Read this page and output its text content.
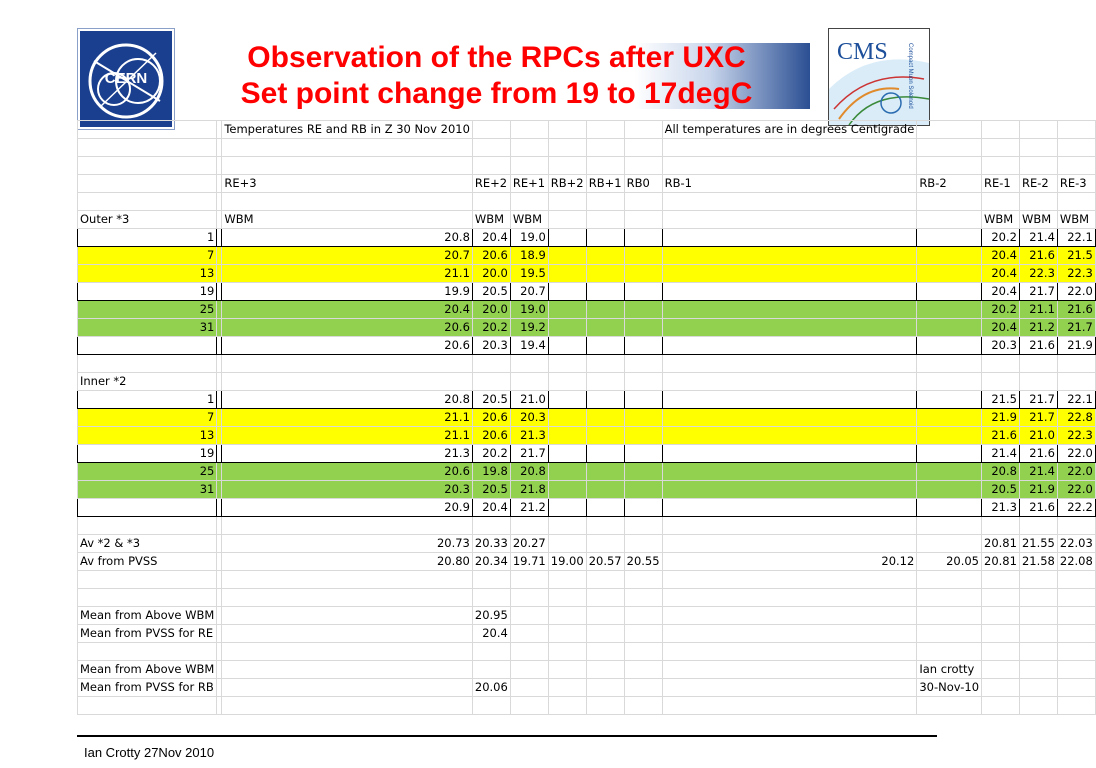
CERN
CMS	Compact Muon Solenoid
Observation of the RPCs after UXC
Set point change from 19 to 17degC
		Temperatures RE and RB in Z 30 Nov 2010						All temperatures are in degrees Centigrade				

		RE+3	RE+2	RE+1	RB+2	RB+1	RB0	RB-1	RB-2	RE-1	RE-2	RE-3

Outer *3		WBM	WBM	WBM						WBM	WBM	WBM
1		20.8	20.4	19.0						20.2	21.4	22.1
7		20.7	20.6	18.9						20.4	21.6	21.5
13		21.1	20.0	19.5						20.4	22.3	22.3
19		19.9	20.5	20.7						20.4	21.7	22.0
25		20.4	20.0	19.0						20.2	21.1	21.6
31		20.6	20.2	19.2						20.4	21.2	21.7
		20.6	20.3	19.4						20.3	21.6	21.9

Inner *2												
1		20.8	20.5	21.0						21.5	21.7	22.1
7		21.1	20.6	20.3						21.9	21.7	22.8
13		21.1	20.6	21.3						21.6	21.0	22.3
19		21.3	20.2	21.7						21.4	21.6	22.0
25		20.6	19.8	20.8						20.8	21.4	22.0
31		20.3	20.5	21.8						20.5	21.9	22.0
		20.9	20.4	21.2						21.3	21.6	22.2

Av *2 & *3		20.73	20.33	20.27						20.81	21.55	22.03
Av from PVSS		20.80	20.34	19.71	19.00	20.57	20.55	20.12	20.05	20.81	21.58	22.08

Mean from Above WBM			20.95									
Mean from PVSS for RE			20.4									

Mean from Above WBM									Ian crotty			
Mean from PVSS for RB			20.06						30-Nov-10			

Ian Crotty 27Nov 2010
